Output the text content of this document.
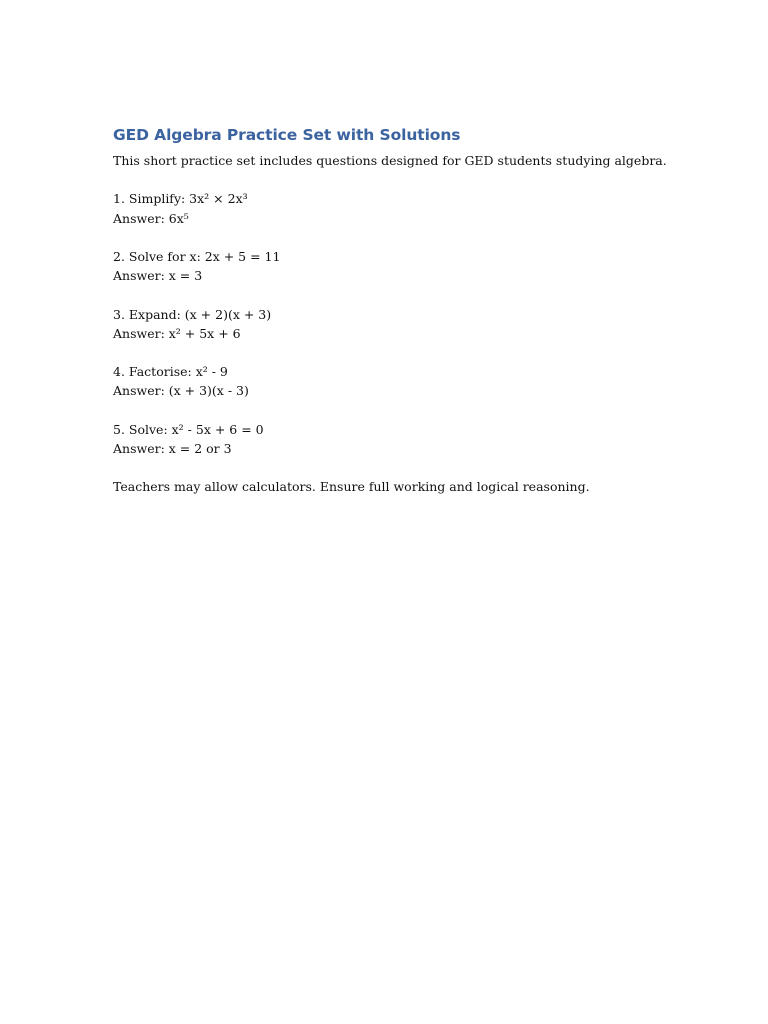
GED Algebra Practice Set with Solutions

This short practice set includes questions designed for GED students studying algebra.

1. Simplify: 3x² × 2x³
Answer: 6x⁵
2. Solve for x: 2x + 5 = 11
Answer: x = 3
3. Expand: (x + 2)(x + 3)
Answer: x² + 5x + 6
4. Factorise: x² - 9
Answer: (x + 3)(x - 3)
5. Solve: x² - 5x + 6 = 0
Answer: x = 2 or 3

Teachers may allow calculators. Ensure full working and logical reasoning.
